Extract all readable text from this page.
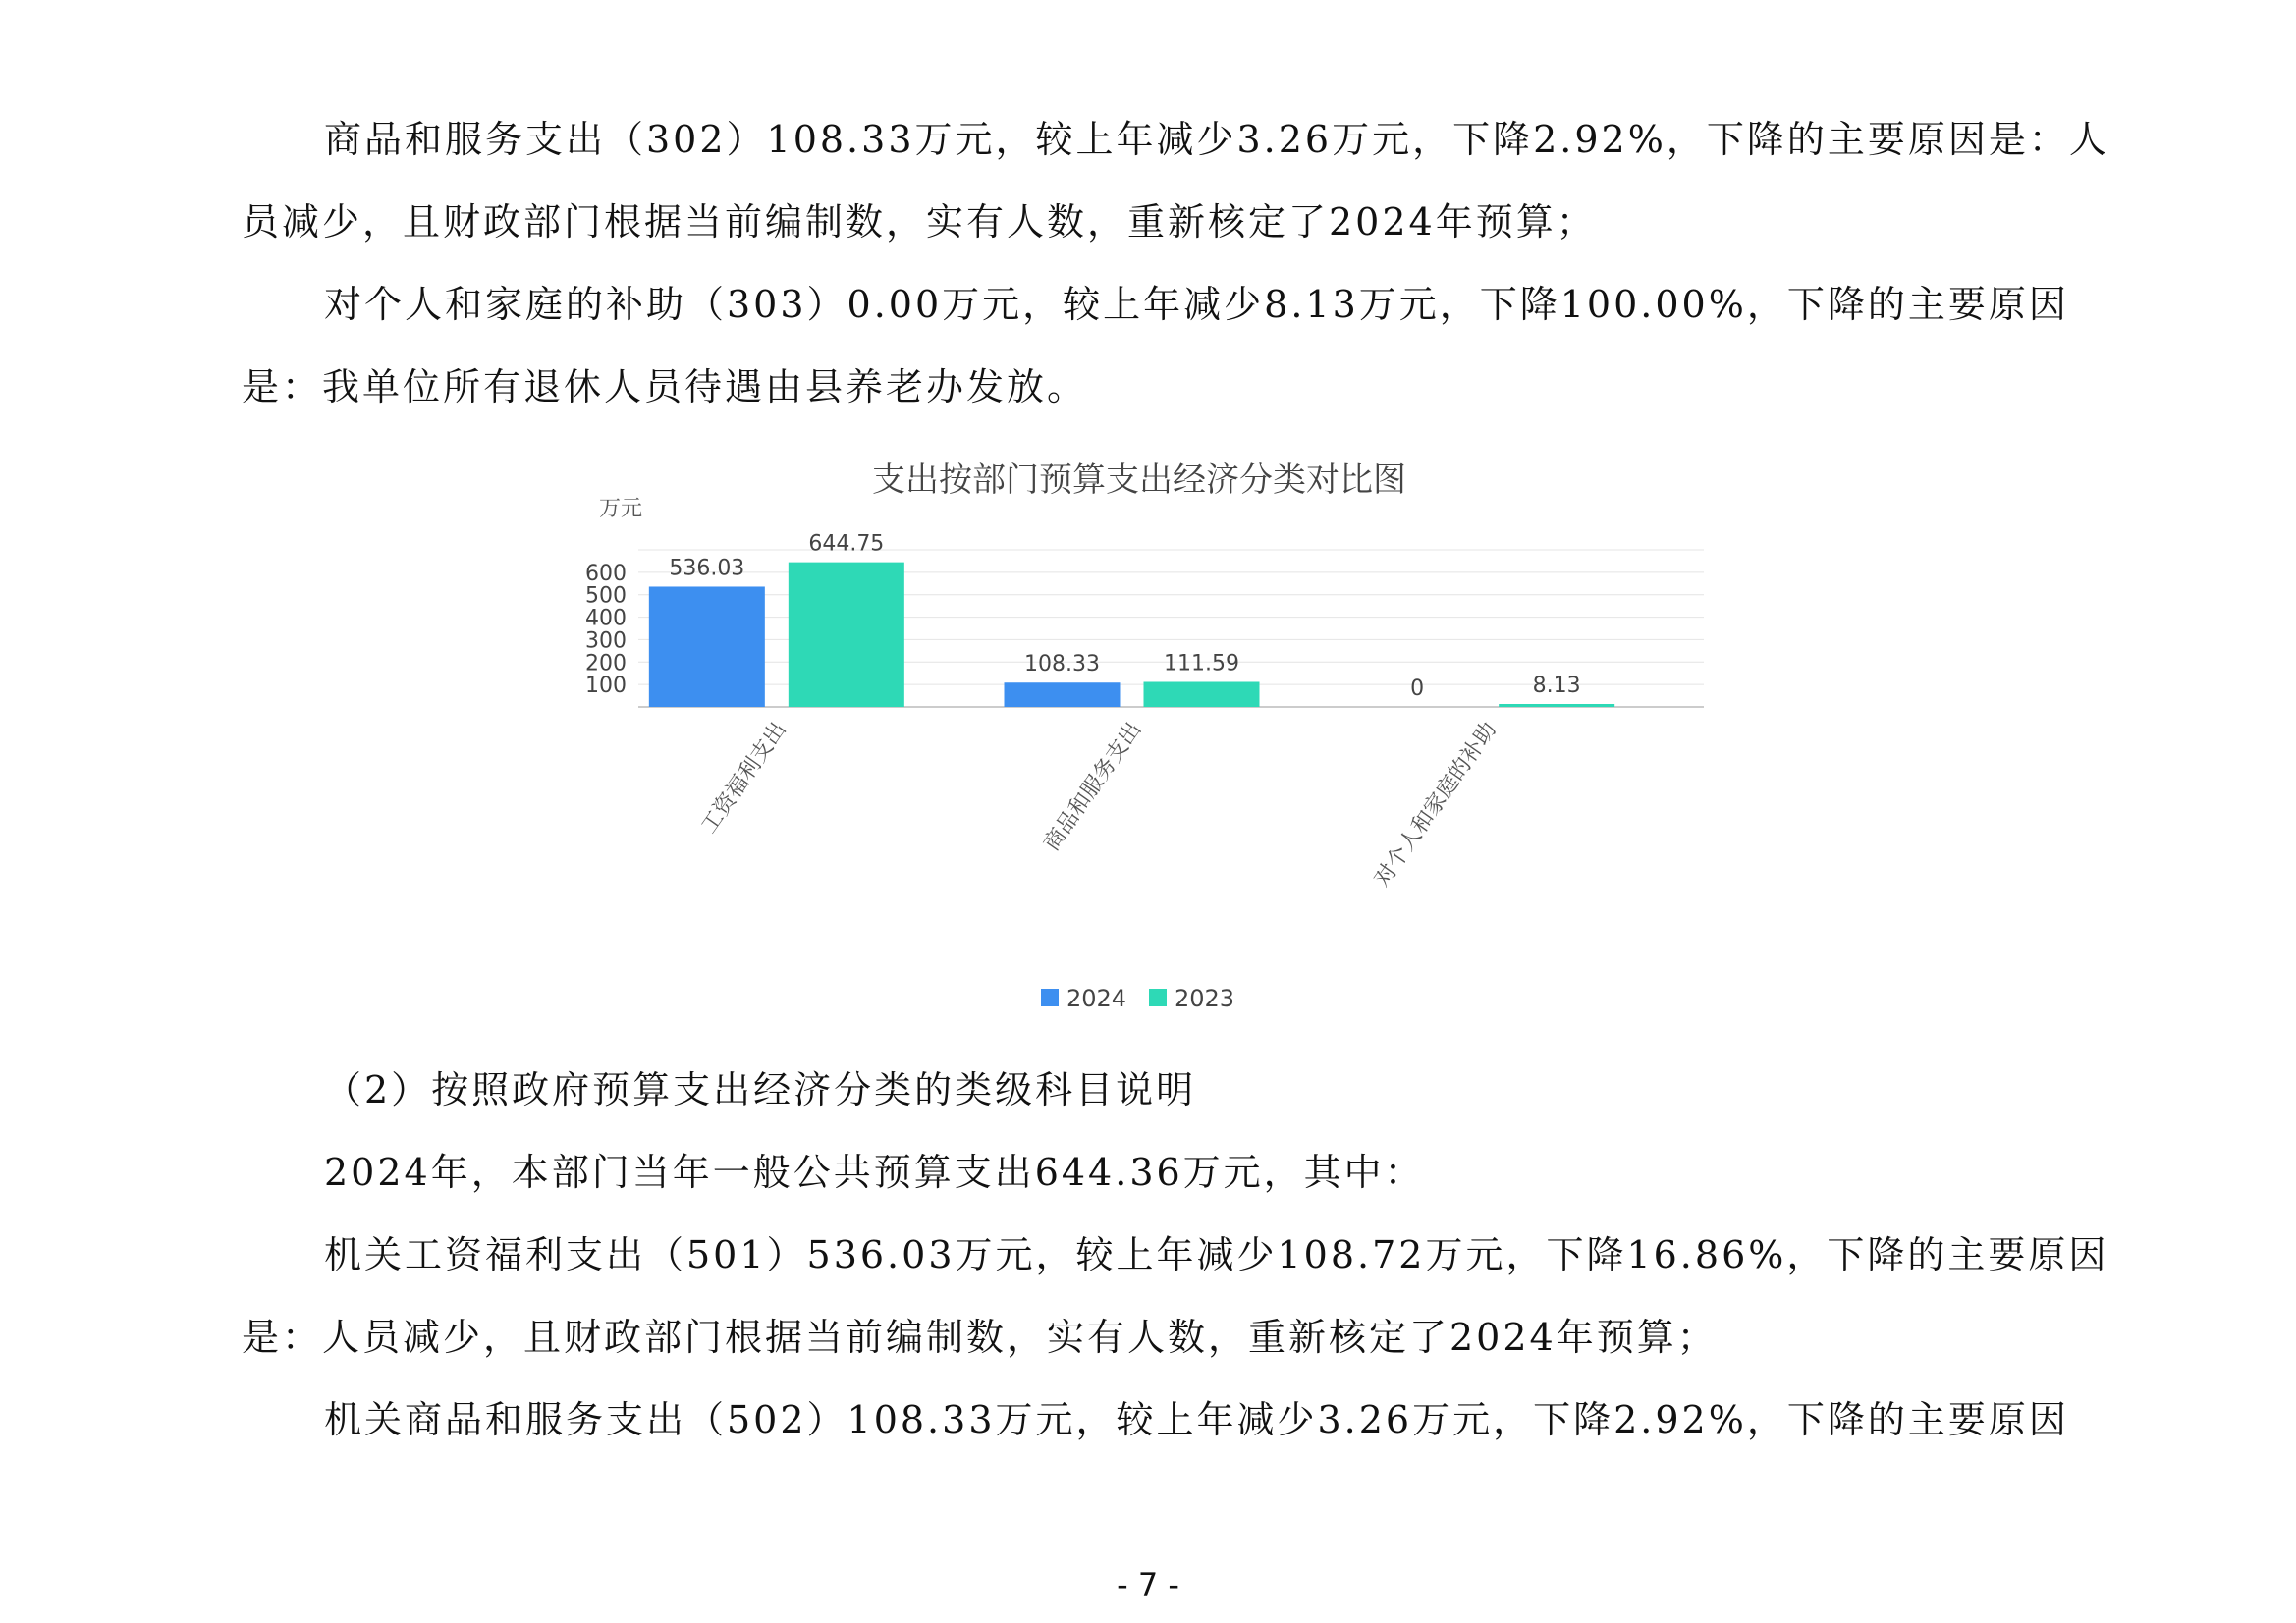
商品和服务支出（302）108.33万元，较上年减少3.26万元，下降2.92%，下降的主要原因是：人

员减少，且财政部门根据当前编制数，实有人数，重新核定了2024年预算；

对个人和家庭的补助（303）0.00万元，较上年减少8.13万元，下降100.00%，下降的主要原因

是：我单位所有退休人员待遇由县养老办发放。

支出按部门预算支出经济分类对比图
万元
100
200
300
400
500
600 536.03
644.75
工资福利支出
108.33	111.59
商品和服务支出
0	8.13
对个人和家庭的补助
2024 2023

（2）按照政府预算支出经济分类的类级科目说明

2024年，本部门当年一般公共预算支出644.36万元，其中：

机关工资福利支出（501）536.03万元，较上年减少108.72万元，下降16.86%，下降的主要原因

是：人员减少，且财政部门根据当前编制数，实有人数，重新核定了2024年预算；

机关商品和服务支出（502）108.33万元，较上年减少3.26万元，下降2.92%，下降的主要原因

- 7 -
